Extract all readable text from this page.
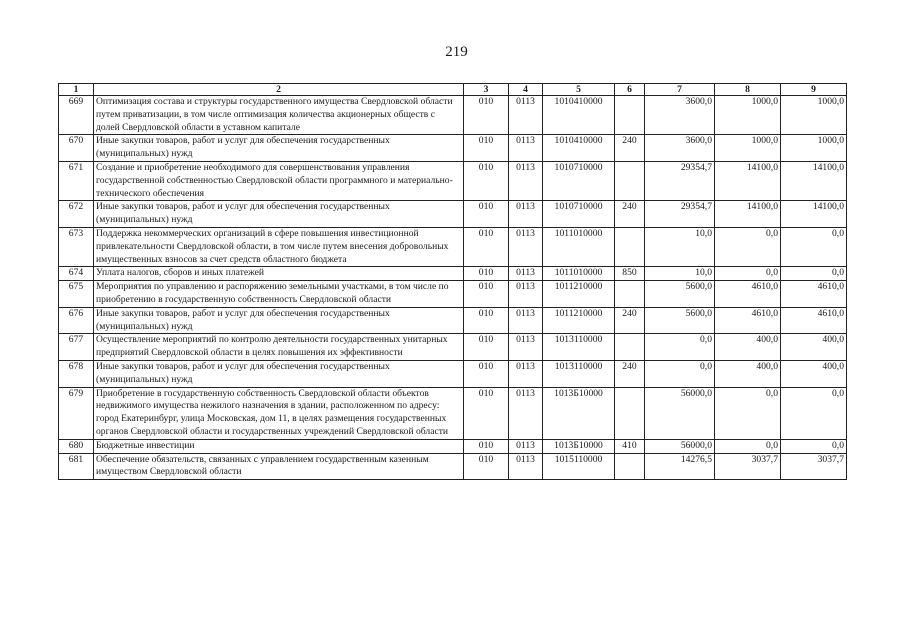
219
1	2	3	4	5	6	7	8	9
669	Оптимизация состава и структуры государственного имущества Свердловской области путем приватизации, в том числе оптимизация количества акционерных обществ с долей Свердловской области в уставном капитале	010	0113	1010410000		3600,0	1000,0	1000,0
670	Иные закупки товаров, работ и услуг для обеспечения государственных (муниципальных) нужд	010	0113	1010410000	240	3600,0	1000,0	1000,0
671	Создание и приобретение необходимого для совершенствования управления государственной собственностью Свердловской области программного и материально-технического обеспечения	010	0113	1010710000		29354,7	14100,0	14100,0
672	Иные закупки товаров, работ и услуг для обеспечения государственных (муниципальных) нужд	010	0113	1010710000	240	29354,7	14100,0	14100,0
673	Поддержка некоммерческих организаций в сфере повышения инвестиционной привлекательности Свердловской области, в том числе путем внесения добровольных имущественных взносов за счет средств областного бюджета	010	0113	1011010000		10,0	0,0	0,0
674	Уплата налогов, сборов и иных платежей	010	0113	1011010000	850	10,0	0,0	0,0
675	Мероприятия по управлению и распоряжению земельными участками, в том числе по приобретению в государственную собственность Свердловской области	010	0113	1011210000		5600,0	4610,0	4610,0
676	Иные закупки товаров, работ и услуг для обеспечения государственных (муниципальных) нужд	010	0113	1011210000	240	5600,0	4610,0	4610,0
677	Осуществление мероприятий по контролю деятельности государственных унитарных предприятий Свердловской области в целях повышения их эффективности	010	0113	1013110000		0,0	400,0	400,0
678	Иные закупки товаров, работ и услуг для обеспечения государственных (муниципальных) нужд	010	0113	1013110000	240	0,0	400,0	400,0
679	Приобретение в государственную собственность Свердловской области объектов недвижимого имущества нежилого назначения в здании, расположенном по адресу: город Екатеринбург, улица Московская, дом 11, в целях размещения государственных органов Свердловской области и государственных учреждений Свердловской области	010	0113	1013Б10000		56000,0	0,0	0,0
680	Бюджетные инвестиции	010	0113	1013Б10000	410	56000,0	0,0	0,0
681	Обеспечение обязательств, связанных с управлением государственным казенным имуществом Свердловской области	010	0113	1015110000		14276,5	3037,7	3037,7
